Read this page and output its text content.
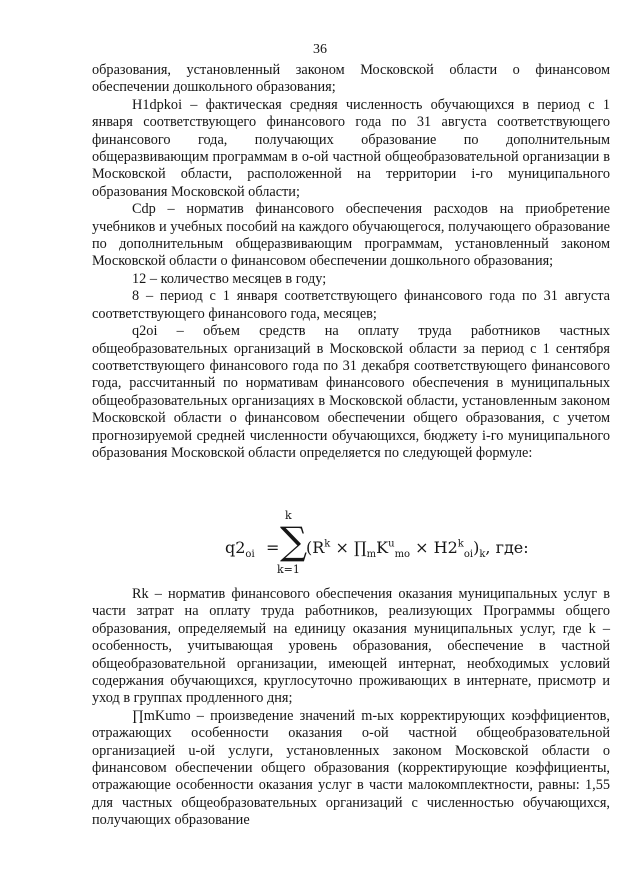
36

образования, установленный законом Московской области о финансовом обеспечении дошкольного образования;

H1dpkoi – фактическая средняя численность обучающихся в период с 1 января соответствующего финансового года по 31 августа соответствующего финансового года, получающих образование по дополнительным общеразвивающим программам в o-ой частной общеобразовательной организации в Московской области, расположенной на территории i-го муниципального образования Московской области;

Cdp – норматив финансового обеспечения расходов на приобретение учебников и учебных пособий на каждого обучающегося, получающего образование по дополнительным общеразвивающим программам, установленный законом Московской области о финансовом обеспечении дошкольного образования;

12 – количество месяцев в году;

8 – период с 1 января соответствующего финансового года по 31 августа соответствующего финансового года, месяцев;

q2oi – объем средств на оплату труда работников частных общеобразовательных организаций в Московской области за период с 1 сентября соответствующего финансового года по 31 декабря соответствующего финансового года, рассчитанный по нормативам финансового обеспечения в муниципальных общеобразовательных организациях в Московской области, установленным законом Московской области о финансовом обеспечении общего образования, с учетом прогнозируемой средней численности обучающихся, бюджету i-го муниципального образования Московской области определяется по следующей формуле:

$q2_{oi}$ =
k
∑
k=1
($R^k$ × $\prod_mK^u_{mo} \times H2^k_{oi})_k$, где:

Rk – норматив финансового обеспечения оказания муниципальных услуг в части затрат на оплату труда работников, реализующих Программы общего образования, определяемый на единицу оказания муниципальных услуг, где k – особенность, учитывающая уровень образования, обеспечение в частной общеобразовательной организации, имеющей интернат, необходимых условий содержания обучающихся, круглосуточно проживающих в интернате, присмотр и уход в группах продленного дня;

∏mKumo – произведение значений m-ых корректирующих коэффициентов, отражающих особенности оказания o-ой частной общеобразовательной организацией u-ой услуги, установленных законом Московской области о финансовом обеспечении общего образования (корректирующие коэффициенты, отражающие особенности оказания услуг в части малокомплектности, равны: 1,55 для частных общеобразовательных организаций с численностью обучающихся, получающих образование
